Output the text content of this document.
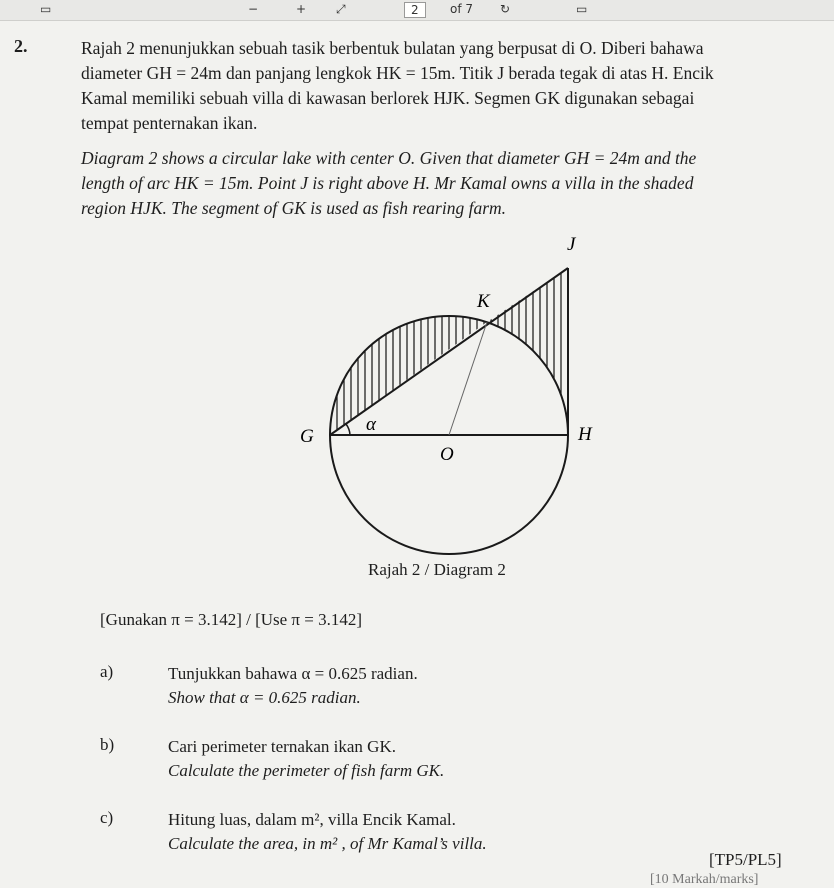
▭	−	+ ⤢	2	of 7 ↻	▭
2.	Rajah 2 menunjukkan sebuah tasik berbentuk bulatan yang berpusat di O. Diberi bahawa
diameter GH = 24m dan panjang lengkok HK = 15m. Titik J berada tegak di atas H. Encik
Kamal memiliki sebuah villa di kawasan berlorek HJK. Segmen GK digunakan sebagai
tempat penternakan ikan.
Diagram 2 shows a circular lake with center O. Given that diameter GH = 24m and the
length of arc HK = 15m. Point J is right above H. Mr Kamal owns a villa in the shaded
region HJK. The segment of GK is used as fish rearing farm.
J
K
G	H
O
α
Rajah 2 / Diagram 2
[Gunakan π = 3.142] / [Use π = 3.142]
a)	Tunjukkan bahawa α = 0.625 radian.
Show that α = 0.625 radian.
b)	Cari perimeter ternakan ikan GK.
Calculate the perimeter of fish farm GK.
c)	Hitung luas, dalam m², villa Encik Kamal.
Calculate the area, in m² , of Mr Kamal’s villa.
[TP5/PL5]
[10 Markah/marks]
